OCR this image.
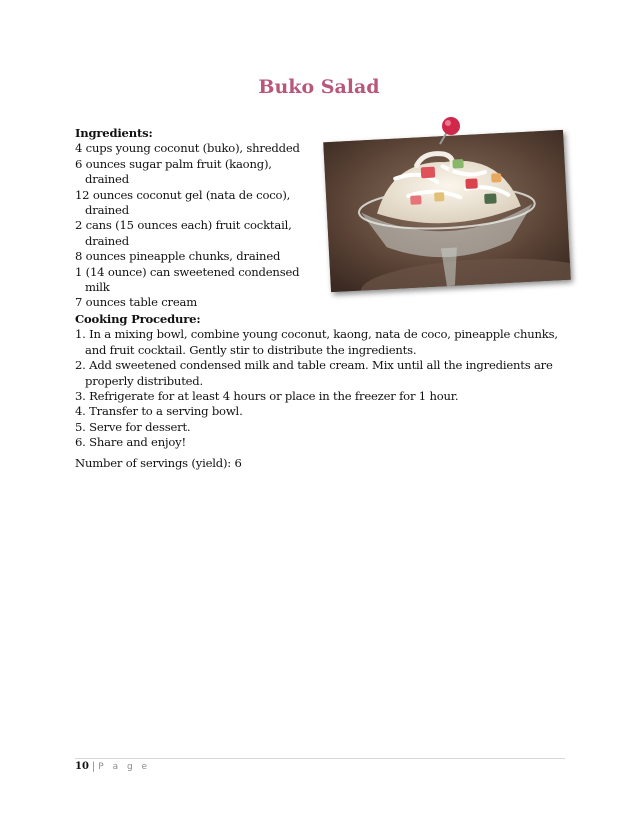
Buko Salad

Ingredients:

4 cups young coconut (buko), shredded
6 ounces sugar palm fruit (kaong), drained
12 ounces coconut gel (nata de coco), drained
2 cans (15 ounces each) fruit cocktail, drained
8 ounces pineapple chunks, drained
1 (14 ounce) can sweetened condensed milk
7 ounces table cream

Cooking Procedure:

1. In a mixing bowl, combine young coconut, kaong, nata de coco, pineapple chunks, and fruit cocktail. Gently stir to distribute the ingredients.
2. Add sweetened condensed milk and table cream. Mix until all the ingredients are properly distributed.
3. Refrigerate for at least 4 hours or place in the freezer for 1 hour.
4. Transfer to a serving bowl.
5. Serve for dessert.
6. Share and enjoy!

Number of servings (yield): 6

10 | P a g e
